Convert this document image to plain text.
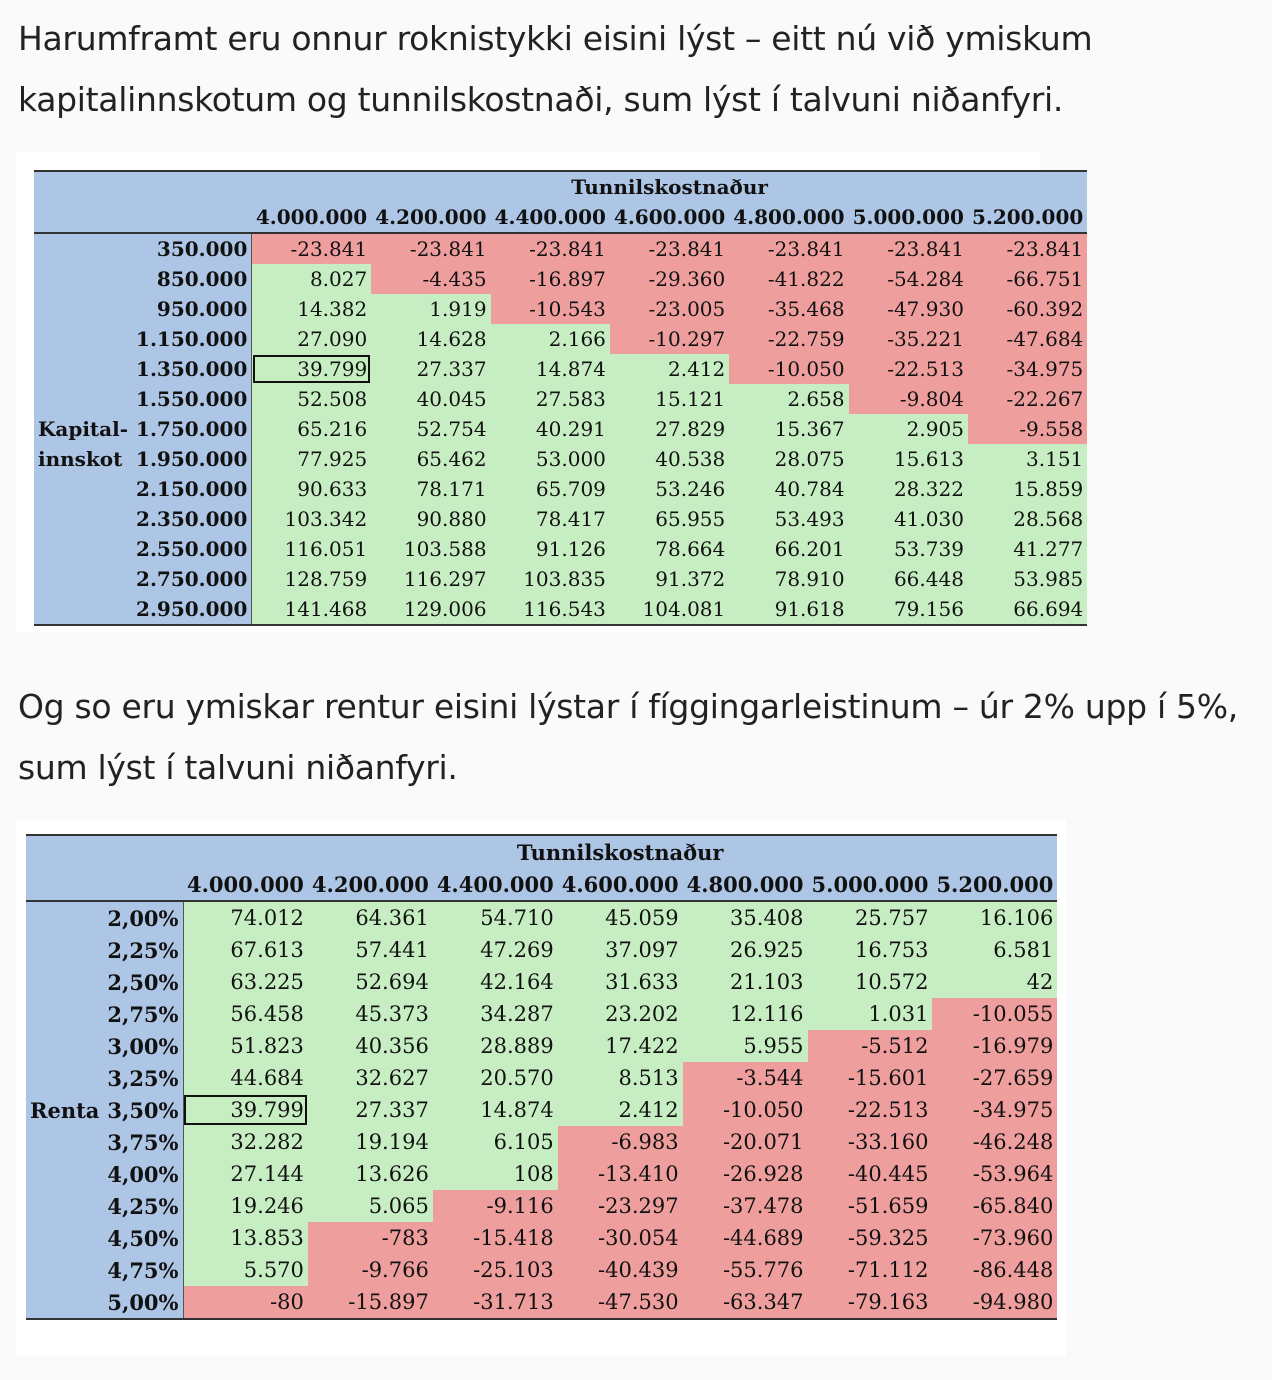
Harumframt eru onnur roknistykki eisini lýst – eitt nú við ymiskum kapitalinnskotum og tunnilskostnaði, sum lýst í talvuni niðanfyri.

		Tunnilskostnaður						
		4.000.000	4.200.000	4.400.000	4.600.000	4.800.000	5.000.000	5.200.000
	350.000	-23.841	-23.841	-23.841	-23.841	-23.841	-23.841	-23.841
	850.000	8.027	-4.435	-16.897	-29.360	-41.822	-54.284	-66.751
	950.000	14.382	1.919	-10.543	-23.005	-35.468	-47.930	-60.392
	1.150.000	27.090	14.628	2.166	-10.297	-22.759	-35.221	-47.684
	1.350.000	39.799	27.337	14.874	2.412	-10.050	-22.513	-34.975
	1.550.000	52.508	40.045	27.583	15.121	2.658	-9.804	-22.267
Kapital-	1.750.000	65.216	52.754	40.291	27.829	15.367	2.905	-9.558
innskot	1.950.000	77.925	65.462	53.000	40.538	28.075	15.613	3.151
	2.150.000	90.633	78.171	65.709	53.246	40.784	28.322	15.859
	2.350.000	103.342	90.880	78.417	65.955	53.493	41.030	28.568
	2.550.000	116.051	103.588	91.126	78.664	66.201	53.739	41.277
	2.750.000	128.759	116.297	103.835	91.372	78.910	66.448	53.985
	2.950.000	141.468	129.006	116.543	104.081	91.618	79.156	66.694

Og so eru ymiskar rentur eisini lýstar í fíggingarleistinum – úr 2% upp í 5%, sum lýst í talvuni niðanfyri.

		Tunnilskostnaður						
		4.000.000	4.200.000	4.400.000	4.600.000	4.800.000	5.000.000	5.200.000
	2,00%	74.012	64.361	54.710	45.059	35.408	25.757	16.106
	2,25%	67.613	57.441	47.269	37.097	26.925	16.753	6.581
	2,50%	63.225	52.694	42.164	31.633	21.103	10.572	42
	2,75%	56.458	45.373	34.287	23.202	12.116	1.031	-10.055
	3,00%	51.823	40.356	28.889	17.422	5.955	-5.512	-16.979
	3,25%	44.684	32.627	20.570	8.513	-3.544	-15.601	-27.659
Renta	3,50%	39.799	27.337	14.874	2.412	-10.050	-22.513	-34.975
	3,75%	32.282	19.194	6.105	-6.983	-20.071	-33.160	-46.248
	4,00%	27.144	13.626	108	-13.410	-26.928	-40.445	-53.964
	4,25%	19.246	5.065	-9.116	-23.297	-37.478	-51.659	-65.840
	4,50%	13.853	-783	-15.418	-30.054	-44.689	-59.325	-73.960
	4,75%	5.570	-9.766	-25.103	-40.439	-55.776	-71.112	-86.448
	5,00%	-80	-15.897	-31.713	-47.530	-63.347	-79.163	-94.980
